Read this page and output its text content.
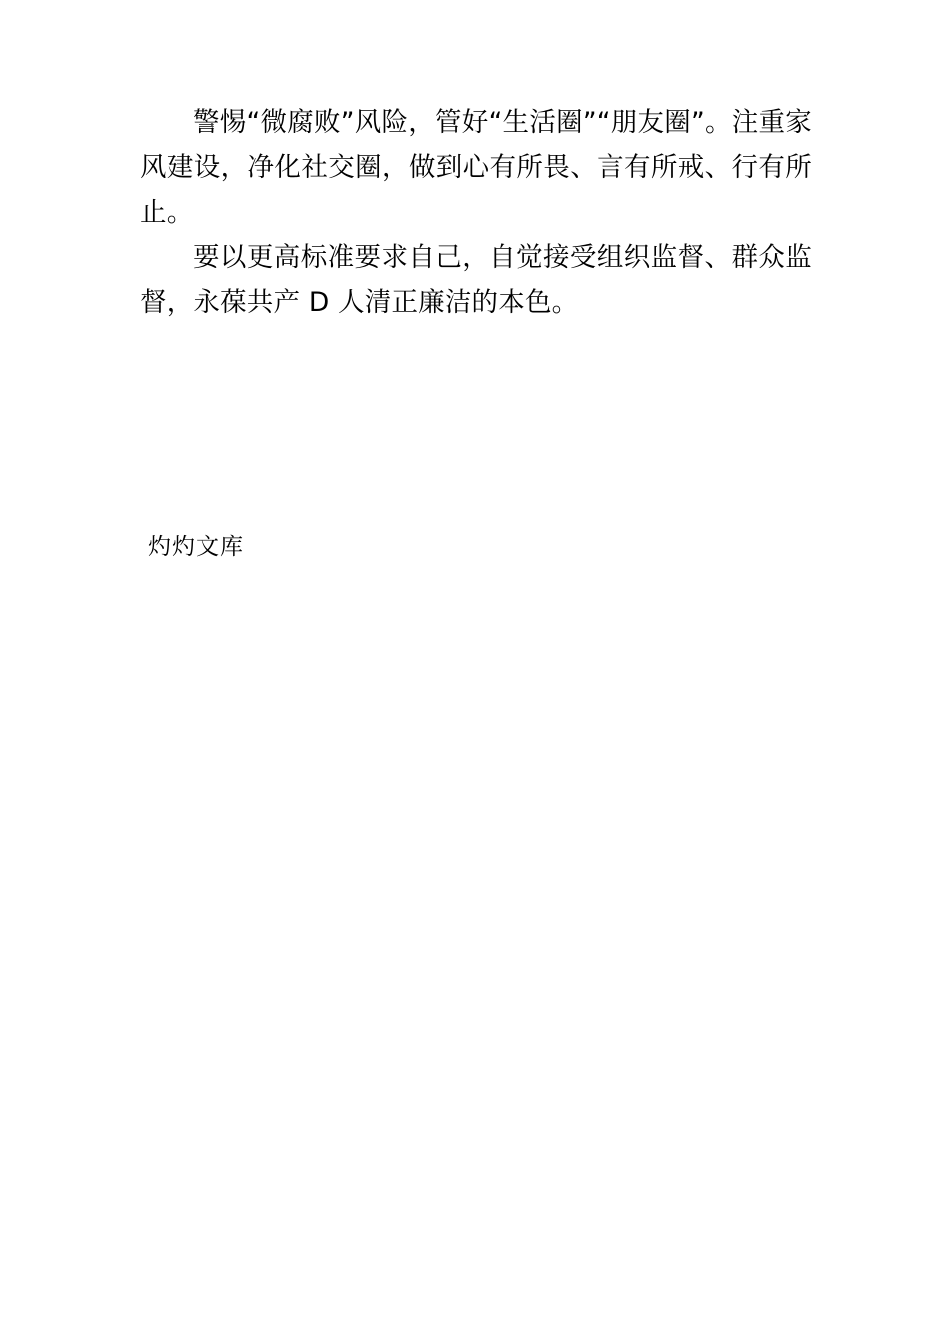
警惕“微腐败”风险，管好“生活圈”“朋友圈”。注重家风建设，净化社交圈，做到心有所畏、言有所戒、行有所止。

要以更高标准要求自己，自觉接受组织监督、群众监督，永葆共产 D 人清正廉洁的本色。

灼灼文库
